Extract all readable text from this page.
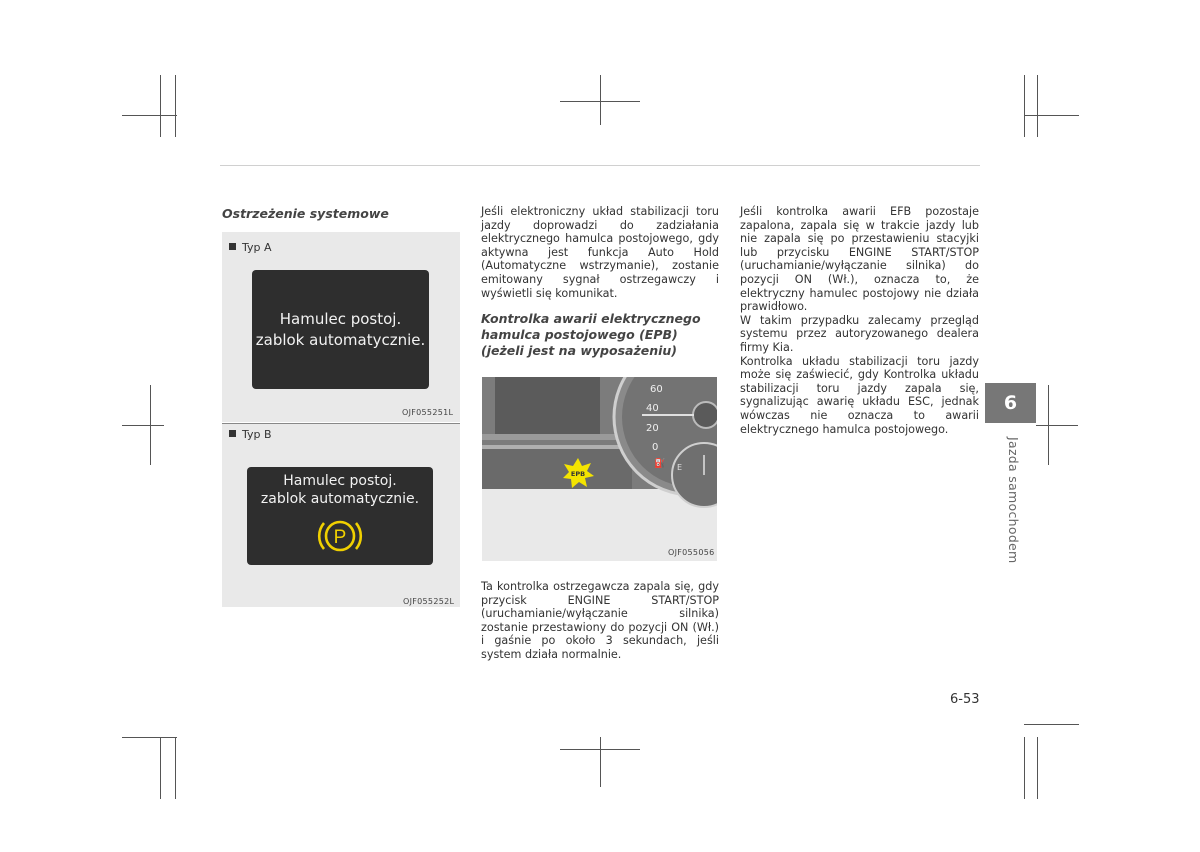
Ostrzeżenie systemowe
Typ A
Hamulec postoj.
zablok automatycznie.
OJF055251L
Typ B
Hamulec postoj.
zablok automatycznie.
P
OJF055252L

Jeśli elektroniczny układ stabilizacji toru jazdy doprowadzi do zadziałania elektrycznego hamulca postojowego, gdy aktywna jest funkcja Auto Hold (Automatyczne wstrzymanie), zostanie emitowany sygnał ostrzegawczy i wyświetli się komunikat.

Kontrolka awarii elektrycznego hamulca postojowego (EPB) (jeżeli jest na wyposażeniu)
⛽ E
EPB
60
40
20
0
OJF055056

Ta kontrolka ostrzegawcza zapala się, gdy przycisk ENGINE START/STOP (uruchamianie/wyłączanie silnika) zostanie przestawiony do pozycji ON (Wł.) i gaśnie po około 3 sekundach, jeśli system działa normalnie.

Jeśli kontrolka awarii EFB pozostaje zapalona, zapala się w trakcie jazdy lub nie zapala się po przestawieniu stacyjki lub przycisku ENGINE START/STOP (uruchamianie/wyłączanie silnika) do pozycji ON (Wł.), oznacza to, że elektryczny hamulec postojowy nie działa prawidłowo.

W takim przypadku zalecamy przegląd systemu przez autoryzowanego dealera firmy Kia.

Kontrolka układu stabilizacji toru jazdy może się zaświecić, gdy Kontrolka układu stabilizacji toru jazdy zapala się, sygnalizując awarię układu ESC, jednak wówczas nie oznacza to awarii elektrycznego hamulca postojowego.

6
Jazda samochodem
6-53
